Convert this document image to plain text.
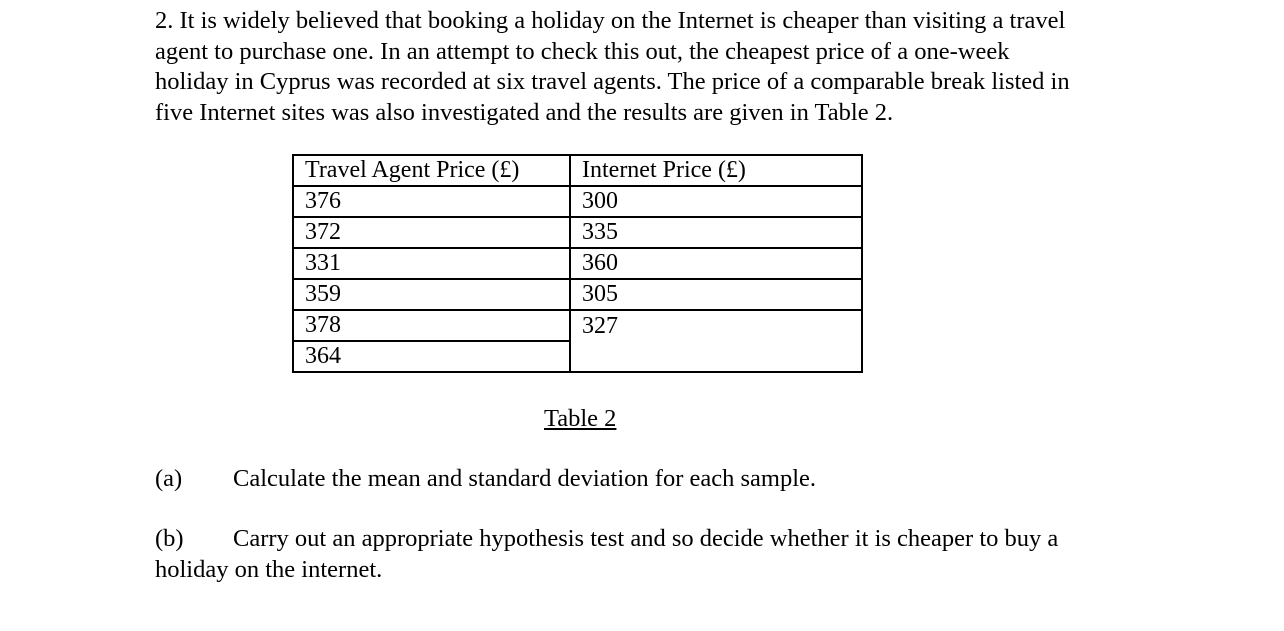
2. It is widely believed that booking a holiday on the Internet is cheaper than visiting a travel
agent to purchase one. In an attempt to check this out, the cheapest price of a one-week
holiday in Cyprus was recorded at six travel agents. The price of a comparable break listed in
five Internet sites was also investigated and the results are given in Table 2.

Travel Agent Price (£)	Internet Price (£)
376	300
372	335
331	360
359	305
378	327
364	

Table 2

(a) Calculate the mean and standard deviation for each sample.

(b) Carry out an appropriate hypothesis test and so decide whether it is cheaper to buy a
holiday on the internet.
